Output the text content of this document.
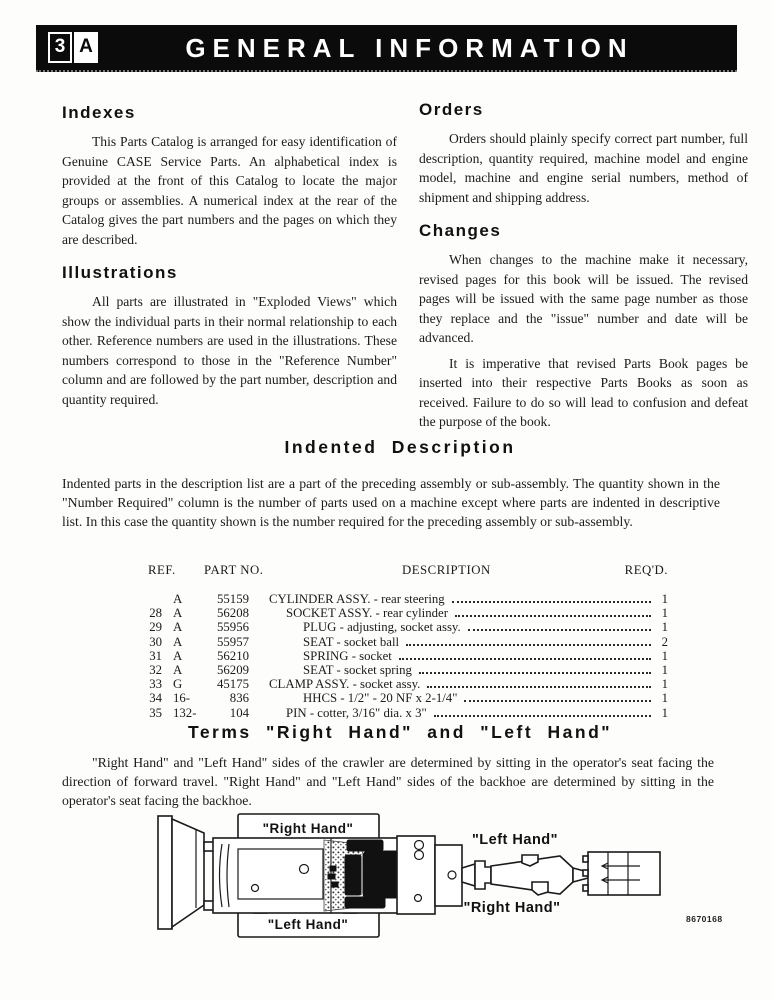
3 A	GENERAL INFORMATION
Indexes

This Parts Catalog is arranged for easy identification of Genuine CASE Service Parts. An alphabetical index is provided at the front of this Catalog to locate the major groups or assemblies. A numerical index at the rear of the Catalog gives the part numbers and the pages on which they are described.

Illustrations

All parts are illustrated in "Exploded Views" which show the individual parts in their normal relationship to each other. Reference numbers are used in the illustrations. These numbers correspond to those in the "Reference Number" column and are followed by the part number, description and quantity required.

Orders

Orders should plainly specify correct part number, full description, quantity required, machine model and engine model, machine and engine serial numbers, method of shipment and shipping address.

Changes

When changes to the machine make it necessary, revised pages for this book will be issued. The revised pages will be issued with the same page number as those they replace and the "issue" number and date will be advanced.

It is imperative that revised Parts Book pages be inserted into their respective Parts Books as soon as received. Failure to do so will lead to confusion and defeat the purpose of the book.

Indented Description

Indented parts in the description list are a part of the preceding assembly or sub-assembly. The quantity shown in the "Number Required" column is the number of parts used on a machine except where parts are indented in descriptive list. In this case the quantity shown is the number required for the preceding assembly or sub-assembly.

REF. PART NO.	DESCRIPTION	REQ'D.
A	55159	CYLINDER ASSY. - rear steering	1
28 A	56208	SOCKET ASSY. - rear cylinder	1
29 A	55956	PLUG - adjusting, socket assy.	1
30 A	55957	SEAT - socket ball	2
31 A	56210	SPRING - socket	1
32 A	56209	SEAT - socket spring	1
33 G	45175	CLAMP ASSY. - socket assy.	1
34 16-	836	HHCS - 1/2" - 20 NF x 2-1/4"	1
35 132-	104	PIN - cotter, 3/16" dia. x 3"	1
Terms "Right Hand" and "Left Hand"

"Right Hand" and "Left Hand" sides of the crawler are determined by sitting in the operator's seat facing the direction of forward travel. "Right Hand" and "Left Hand" sides of the backhoe are determined by sitting in the operator's seat facing the backhoe.

"Right Hand"
"Left Hand"
"Left Hand"
"Right Hand"
8670168
